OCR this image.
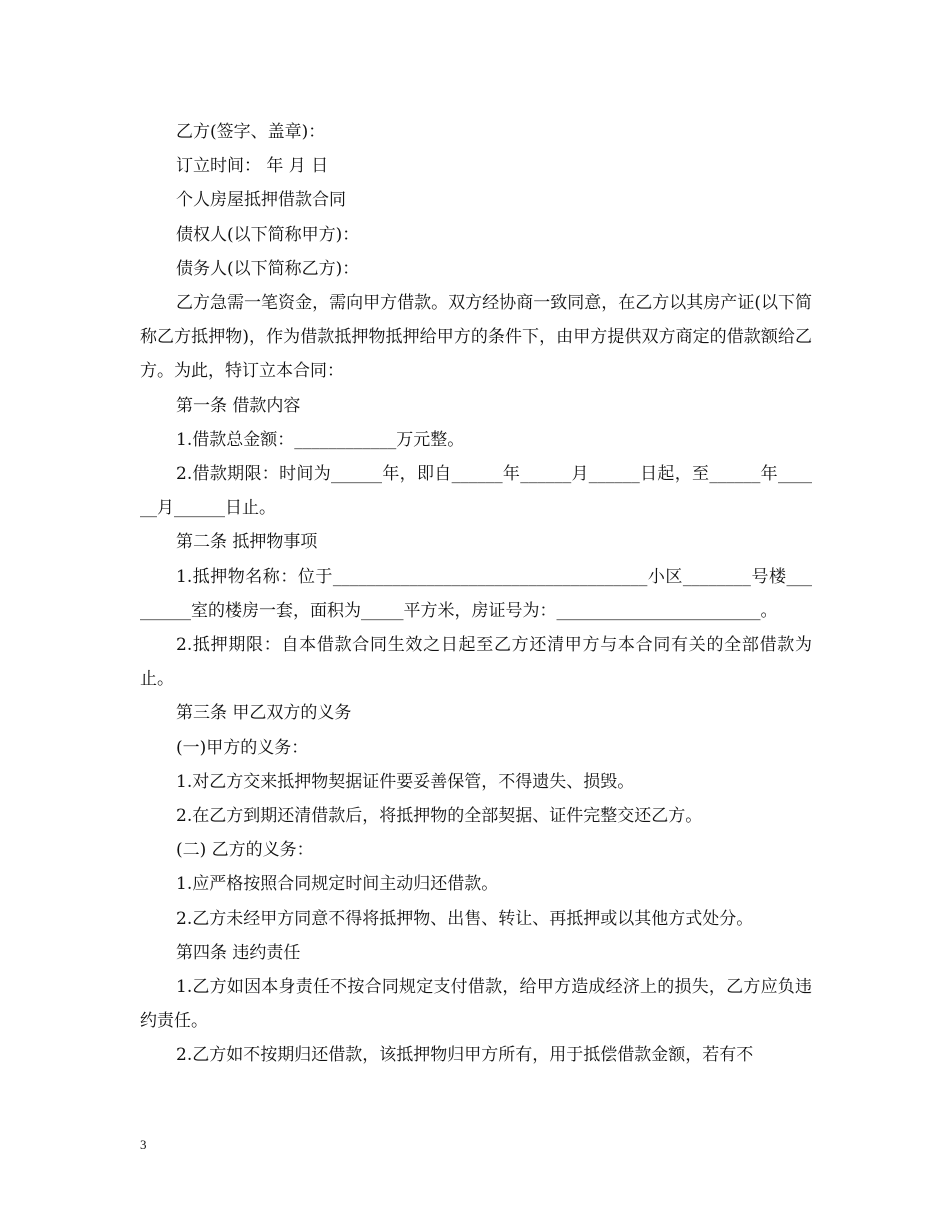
乙方(签字、盖章)：

订立时间： 年 月 日

个人房屋抵押借款合同

债权人(以下简称甲方)：

债务人(以下简称乙方)：

乙方急需一笔资金，需向甲方借款。双方经协商一致同意，在乙方以其房产证(以下简称乙方抵押物)，作为借款抵押物抵押给甲方的条件下，由甲方提供双方商定的借款额给乙方。为此，特订立本合同：

第一条 借款内容

1.借款总金额：____________万元整。

2.借款期限：时间为______年，即自______年______月______日起，至______年______月______日止。

第二条 抵押物事项

1.抵押物名称：位于_____________________________________小区________号楼_________室的楼房一套，面积为_____平方米，房证号为：________________________。

2.抵押期限：自本借款合同生效之日起至乙方还清甲方与本合同有关的全部借款为止。

第三条 甲乙双方的义务

(一)甲方的义务：

1.对乙方交来抵押物契据证件要妥善保管，不得遗失、损毁。

2.在乙方到期还清借款后，将抵押物的全部契据、证件完整交还乙方。

(二) 乙方的义务：

1.应严格按照合同规定时间主动归还借款。

2.乙方未经甲方同意不得将抵押物、出售、转让、再抵押或以其他方式处分。

第四条 违约责任

1.乙方如因本身责任不按合同规定支付借款，给甲方造成经济上的损失，乙方应负违约责任。

2.乙方如不按期归还借款，该抵押物归甲方所有，用于抵偿借款金额，若有不

3
